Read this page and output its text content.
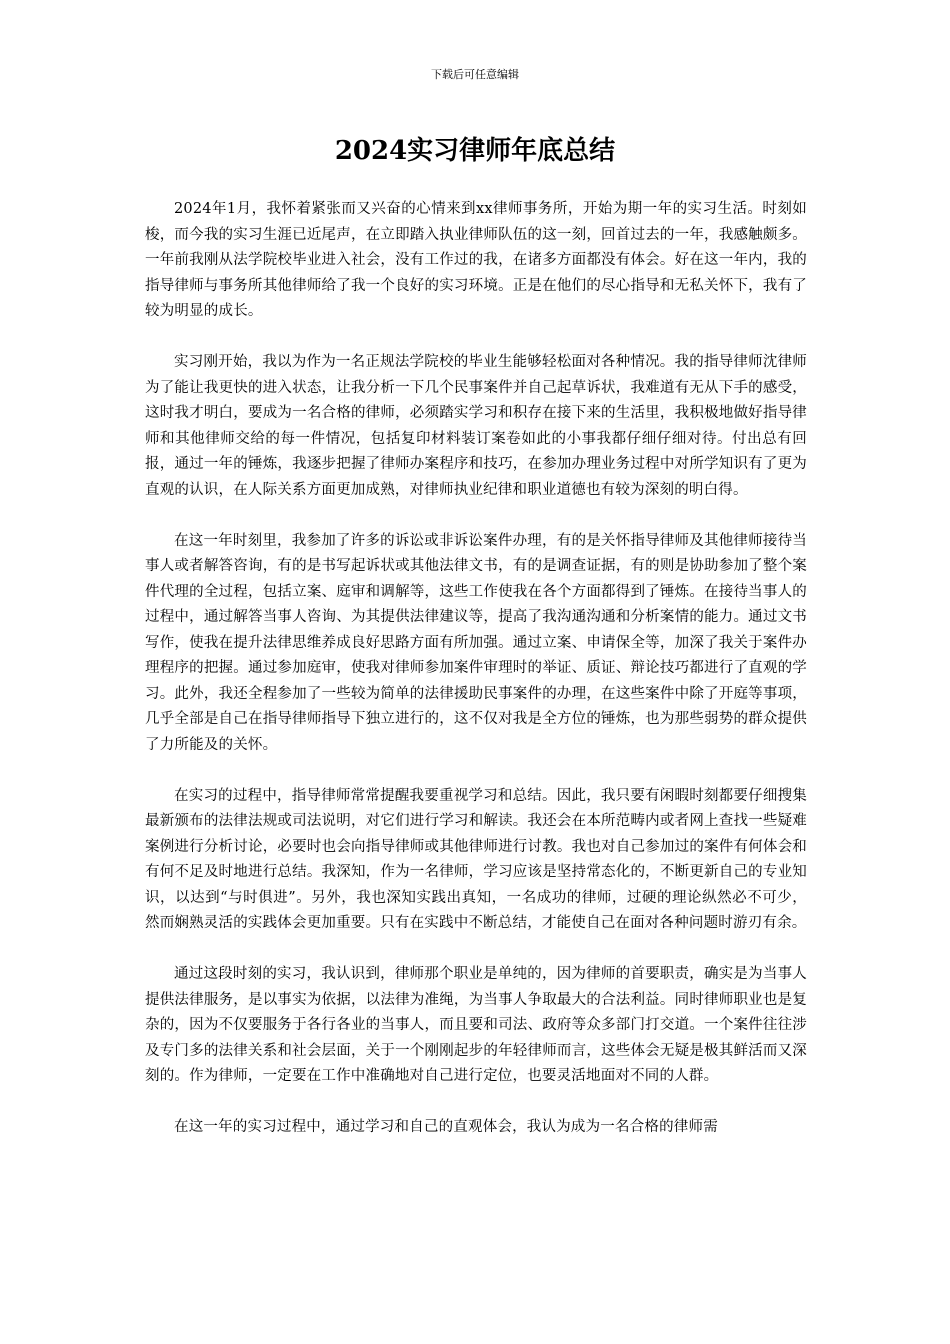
下载后可任意编辑
2024实习律师年底总结

2024年1月，我怀着紧张而又兴奋的心情来到xx律师事务所，开始为期一年的实习生活。时刻如梭，而今我的实习生涯已近尾声，在立即踏入执业律师队伍的这一刻，回首过去的一年，我感触颇多。一年前我刚从法学院校毕业进入社会，没有工作过的我，在诸多方面都没有体会。好在这一年内，我的指导律师与事务所其他律师给了我一个良好的实习环境。正是在他们的尽心指导和无私关怀下，我有了较为明显的成长。

实习刚开始，我以为作为一名正规法学院校的毕业生能够轻松面对各种情况。我的指导律师沈律师为了能让我更快的进入状态，让我分析一下几个民事案件并自己起草诉状，我难道有无从下手的感受，这时我才明白，要成为一名合格的律师，必须踏实学习和积存在接下来的生活里，我积极地做好指导律师和其他律师交给的每一件情况，包括复印材料装订案卷如此的小事我都仔细仔细对待。付出总有回报，通过一年的锤炼，我逐步把握了律师办案程序和技巧，在参加办理业务过程中对所学知识有了更为直观的认识，在人际关系方面更加成熟，对律师执业纪律和职业道德也有较为深刻的明白得。

在这一年时刻里，我参加了许多的诉讼或非诉讼案件办理，有的是关怀指导律师及其他律师接待当事人或者解答咨询，有的是书写起诉状或其他法律文书，有的是调查证据，有的则是协助参加了整个案件代理的全过程，包括立案、庭审和调解等，这些工作使我在各个方面都得到了锤炼。在接待当事人的过程中，通过解答当事人咨询、为其提供法律建议等，提高了我沟通沟通和分析案情的能力。通过文书写作，使我在提升法律思维养成良好思路方面有所加强。通过立案、申请保全等，加深了我关于案件办理程序的把握。通过参加庭审，使我对律师参加案件审理时的举证、质证、辩论技巧都进行了直观的学习。此外，我还全程参加了一些较为简单的法律援助民事案件的办理，在这些案件中除了开庭等事项，几乎全部是自己在指导律师指导下独立进行的，这不仅对我是全方位的锤炼，也为那些弱势的群众提供了力所能及的关怀。

在实习的过程中，指导律师常常提醒我要重视学习和总结。因此，我只要有闲暇时刻都要仔细搜集最新颁布的法律法规或司法说明，对它们进行学习和解读。我还会在本所范畴内或者网上查找一些疑难案例进行分析讨论，必要时也会向指导律师或其他律师进行讨教。我也对自己参加过的案件有何体会和有何不足及时地进行总结。我深知，作为一名律师，学习应该是坚持常态化的，不断更新自己的专业知识，以达到“与时俱进”。另外，我也深知实践出真知，一名成功的律师，过硬的理论纵然必不可少，然而娴熟灵活的实践体会更加重要。只有在实践中不断总结，才能使自己在面对各种问题时游刃有余。

通过这段时刻的实习，我认识到，律师那个职业是单纯的，因为律师的首要职责，确实是为当事人提供法律服务，是以事实为依据，以法律为准绳，为当事人争取最大的合法利益。同时律师职业也是复杂的，因为不仅要服务于各行各业的当事人，而且要和司法、政府等众多部门打交道。一个案件往往涉及专门多的法律关系和社会层面，关于一个刚刚起步的年轻律师而言，这些体会无疑是极其鲜活而又深刻的。作为律师，一定要在工作中准确地对自己进行定位，也要灵活地面对不同的人群。

在这一年的实习过程中，通过学习和自己的直观体会，我认为成为一名合格的律师需
